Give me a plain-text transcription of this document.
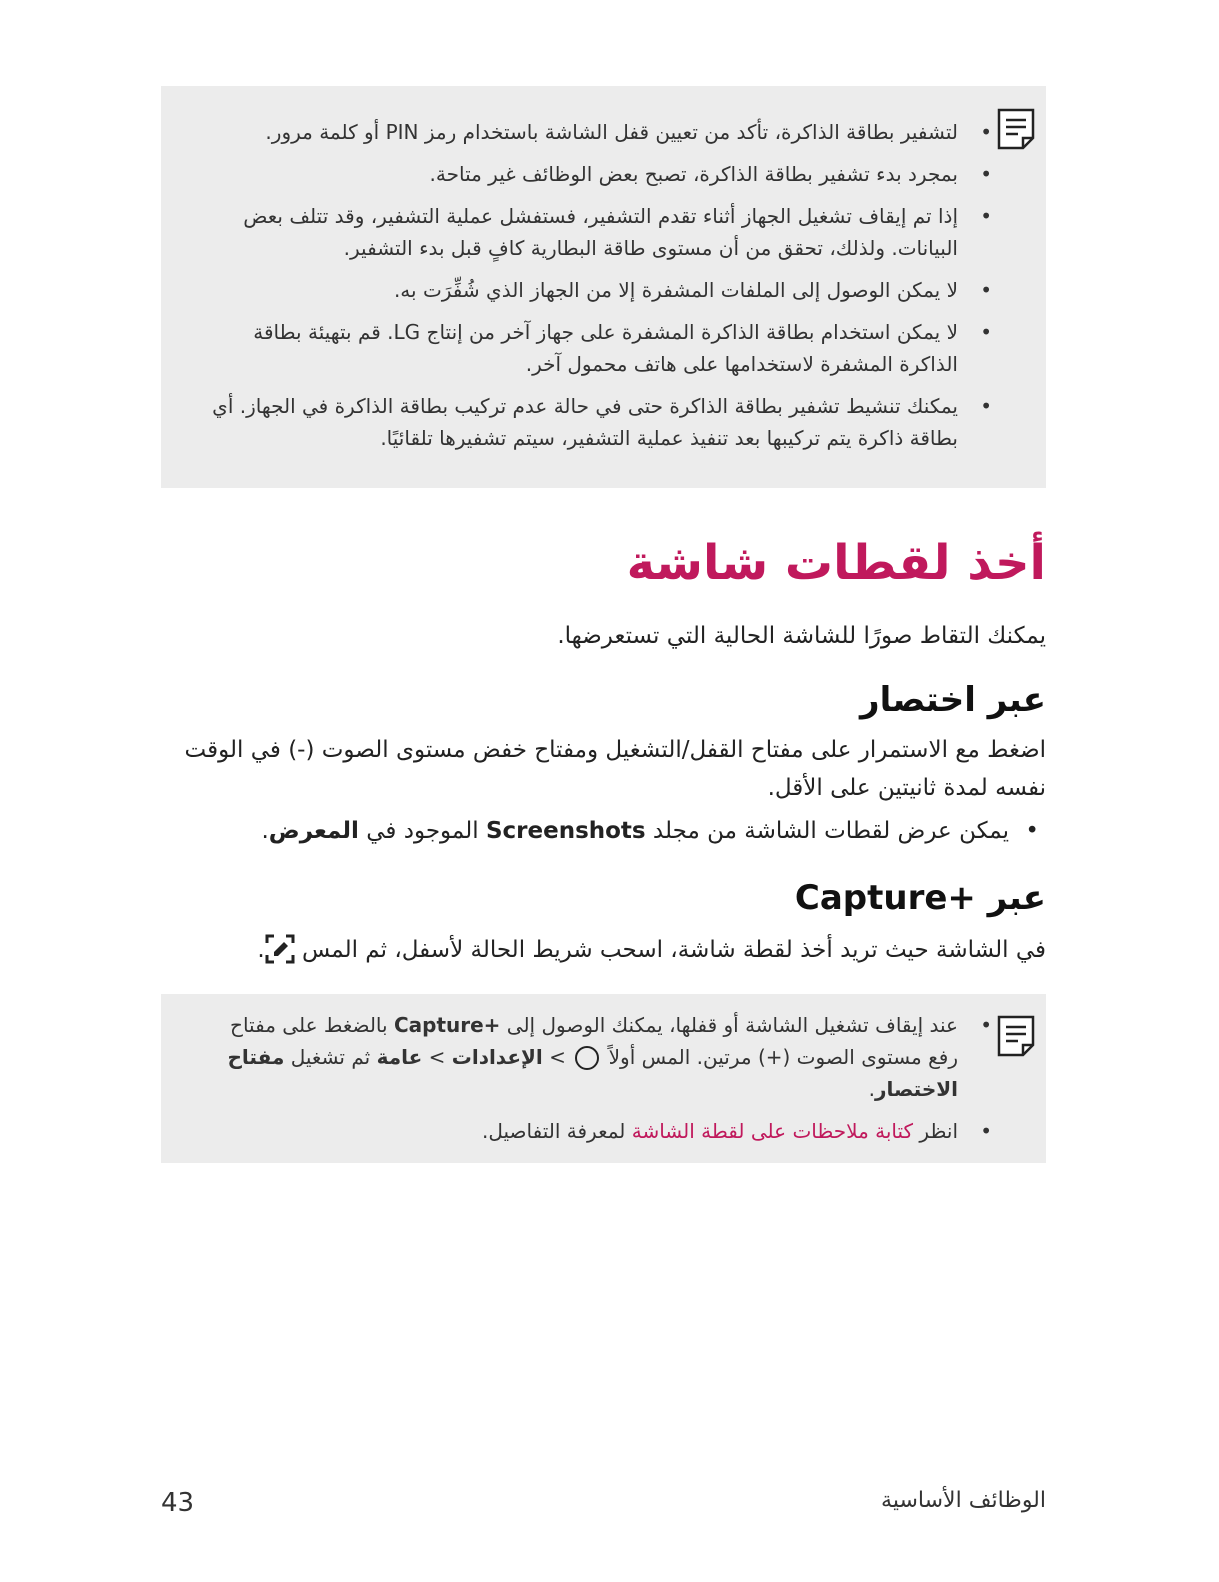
• لتشفير بطاقة الذاكرة، تأكد من تعيين قفل الشاشة باستخدام رمز PIN أو كلمة مرور.
• بمجرد بدء تشفير بطاقة الذاكرة، تصبح بعض الوظائف غير متاحة.
• إذا تم إيقاف تشغيل الجهاز أثناء تقدم التشفير، فستفشل عملية التشفير، وقد تتلف بعض البيانات. ولذلك، تحقق من أن مستوى طاقة البطارية كافٍ قبل بدء التشفير.
• لا يمكن الوصول إلى الملفات المشفرة إلا من الجهاز الذي شُفِّرَت به.
• لا يمكن استخدام بطاقة الذاكرة المشفرة على جهاز آخر من إنتاج LG. قم بتهيئة بطاقة الذاكرة المشفرة لاستخدامها على هاتف محمول آخر.
• يمكنك تنشيط تشفير بطاقة الذاكرة حتى في حالة عدم تركيب بطاقة الذاكرة في الجهاز. أي بطاقة ذاكرة يتم تركيبها بعد تنفيذ عملية التشفير، سيتم تشفيرها تلقائيًا.
أخذ لقطات شاشة

يمكنك التقاط صورًا للشاشة الحالية التي تستعرضها.

عبر اختصار

اضغط مع الاستمرار على مفتاح القفل/التشغيل ومفتاح خفض مستوى الصوت (-) في الوقت نفسه لمدة ثانيتين على الأقل.

• يمكن عرض لقطات الشاشة من مجلد Screenshots الموجود في المعرض.
عبر +Capture

في الشاشة حيث تريد أخذ لقطة شاشة، اسحب شريط الحالة لأسفل، ثم المس .

• عند إيقاف تشغيل الشاشة أو قفلها، يمكنك الوصول إلى +Capture بالضغط على مفتاح رفع مستوى الصوت (+) مرتين. المس أولاً  > الإعدادات > عامة ثم تشغيل مفتاح الاختصار.
• انظر كتابة ملاحظات على لقطة الشاشة لمعرفة التفاصيل.
43	الوظائف الأساسية
